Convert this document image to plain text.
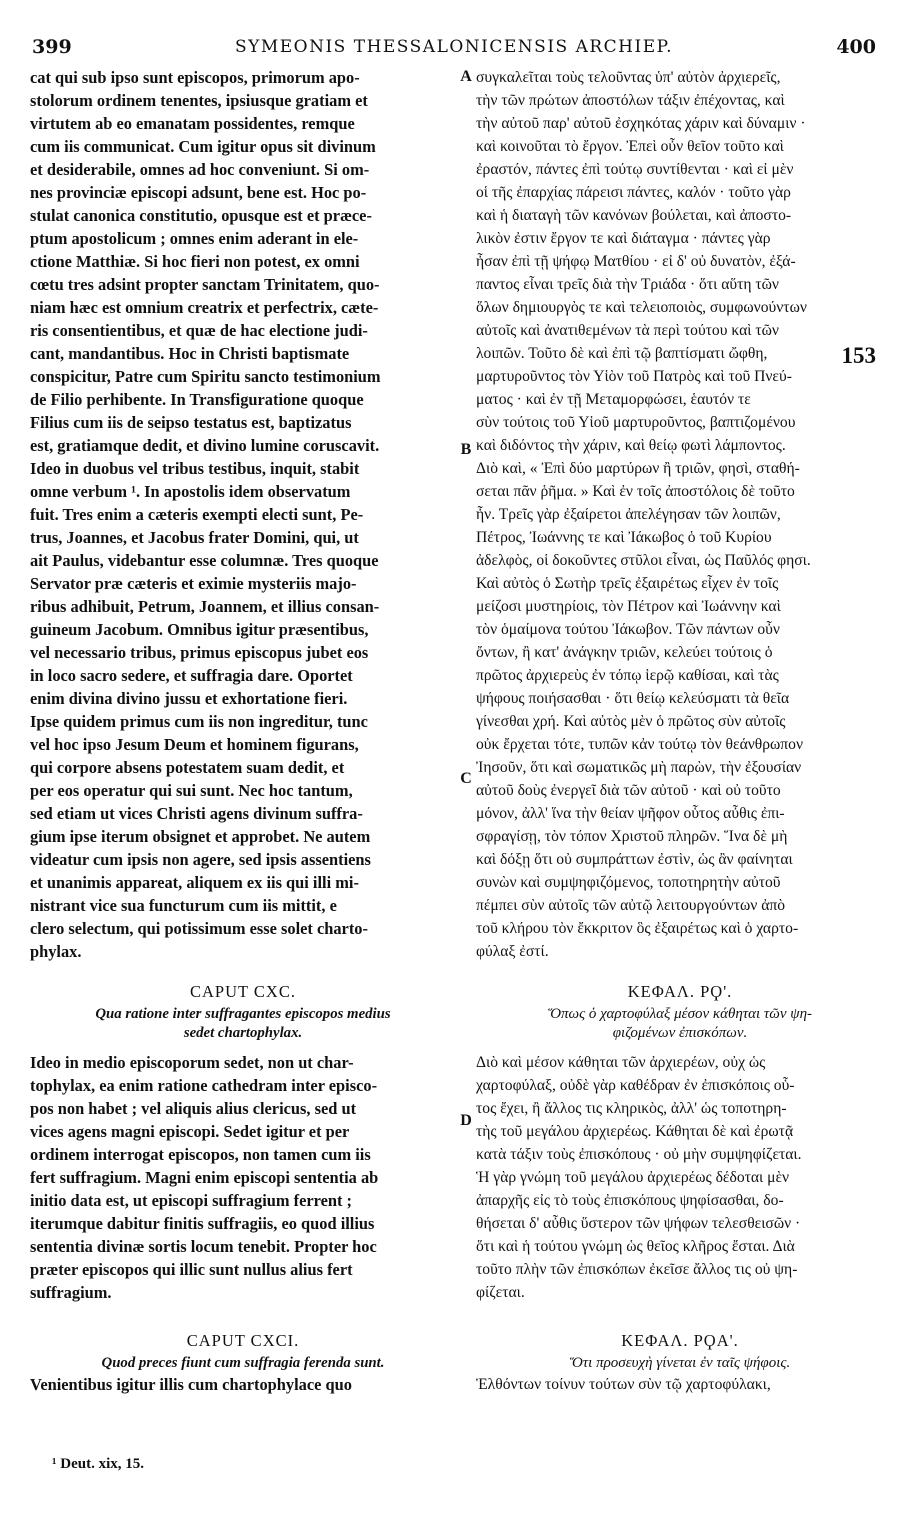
399	SYMEONIS THESSALONICENSIS ARCHIEP.	400
cat qui sub ipso sunt episcopos, primorum apo-
stolorum ordinem tenentes, ipsiusque gratiam et
virtutem ab eo emanatam possidentes, remque
cum iis communicat. Cum igitur opus sit divinum
et desiderabile, omnes ad hoc conveniunt. Si om-
nes provinciæ episcopi adsunt, bene est. Hoc po-
stulat canonica constitutio, opusque est et præce-
ptum apostolicum ; omnes enim aderant in ele-
ctione Matthiæ. Si hoc fieri non potest, ex omni
cœtu tres adsint propter sanctam Trinitatem, quo-
niam hæc est omnium creatrix et perfectrix, cæte-
ris consentientibus, et quæ de hac electione judi-
cant, mandantibus. Hoc in Christi baptismate
conspicitur, Patre cum Spiritu sancto testimonium
de Filio perhibente. In Transfiguratione quoque
Filius cum iis de seipso testatus est, baptizatus
est, gratiamque dedit, et divino lumine coruscavit.
Ideo in duobus vel tribus testibus, inquit, stabit
omne verbum ¹. In apostolis idem observatum
fuit. Tres enim a cæteris exempti electi sunt, Pe-
trus, Joannes, et Jacobus frater Domini, qui, ut
ait Paulus, videbantur esse columnæ. Tres quoque
Servator præ cæteris et eximie mysteriis majo-
ribus adhibuit, Petrum, Joannem, et illius consan-
guineum Jacobum. Omnibus igitur præsentibus,
vel necessario tribus, primus episcopus jubet eos
in loco sacro sedere, et suffragia dare. Oportet
enim divina divino jussu et exhortatione fieri.
Ipse quidem primus cum iis non ingreditur, tunc
vel hoc ipso Jesum Deum et hominem figurans,
qui corpore absens potestatem suam dedit, et
per eos operatur qui sui sunt. Nec hoc tantum,
sed etiam ut vices Christi agens divinum suffra-
gium ipse iterum obsignet et approbet. Ne autem
videatur cum ipsis non agere, sed ipsis assentiens
et unanimis appareat, aliquem ex iis qui illi mi-
nistrant vice sua functurum cum iis mittit, e
clero selectum, qui potissimum esse solet charto-
phylax.
CAPUT CXC.
Qua ratione inter suffragantes episcopos medius
sedet chartophylax.
Ideo in medio episcoporum sedet, non ut char-
tophylax, ea enim ratione cathedram inter episco-
pos non habet ; vel aliquis alius clericus, sed ut
vices agens magni episcopi. Sedet igitur et per
ordinem interrogat episcopos, non tamen cum iis
fert suffragium. Magni enim episcopi sententia ab
initio data est, ut episcopi suffragium ferrent ;
iterumque dabitur finitis suffragiis, eo quod illius
sententia divinæ sortis locum tenebit. Propter hoc
præter episcopos qui illic sunt nullus alius fert
suffragium.
CAPUT CXCI.
Quod preces fiunt cum suffragia ferenda sunt.
Venientibus igitur illis cum chartophylace quo
συγκαλεῖται τοὺς τελοῦντας ὑπ' αὐτὸν ἀρχιερεῖς,
τὴν τῶν πρώτων ἀποστόλων τάξιν ἐπέχοντας, καὶ
τὴν αὐτοῦ παρ' αὐτοῦ ἐσχηκότας χάριν καὶ δύναμιν ·
καὶ κοινοῦται τὸ ἔργον. Ἐπεὶ οὖν θεῖον τοῦτο καὶ
ἐραστόν, πάντες ἐπὶ τούτῳ συντίθενται · καὶ εἰ μὲν
οἱ τῆς ἐπαρχίας πάρεισι πάντες, καλόν · τοῦτο γὰρ
καὶ ἡ διαταγὴ τῶν κανόνων βούλεται, καὶ ἀποστο-
λικὸν ἐστιν ἔργον τε καὶ διάταγμα · πάντες γὰρ
ἦσαν ἐπὶ τῇ ψήφῳ Ματθίου · εἰ δ' οὐ δυνατὸν, ἐξά-
παντος εἶναι τρεῖς διὰ τὴν Τριάδα · ὅτι αὕτη τῶν
ὅλων δημιουργὸς τε καὶ τελειοποιὸς, συμφωνούντων
αὐτοῖς καὶ ἀνατιθεμένων τὰ περὶ τούτου καὶ τῶν
λοιπῶν. Τοῦτο δὲ καὶ ἐπὶ τῷ βαπτίσματι ὤφθη,
μαρτυροῦντος τὸν Υἱὸν τοῦ Πατρὸς καὶ τοῦ Πνεύ-
ματος · καὶ ἐν τῇ Μεταμορφώσει, ἑαυτόν τε
σὺν τούτοις τοῦ Υἱοῦ μαρτυροῦντος, βαπτιζομένου
καὶ διδόντος τὴν χάριν, καὶ θείῳ φωτὶ λάμποντος.
Διὸ καὶ, « Ἐπὶ δύο μαρτύρων ἢ τριῶν, φησὶ, σταθή-
σεται πᾶν ῥῆμα. » Καὶ ἐν τοῖς ἀποστόλοις δὲ τοῦτο
ἦν. Τρεῖς γὰρ ἐξαίρετοι ἀπελέγησαν τῶν λοιπῶν,
Πέτρος, Ἰωάννης τε καὶ Ἰάκωβος ὁ τοῦ Κυρίου
ἀδελφὸς, οἱ δοκοῦντες στῦλοι εἶναι, ὡς Παῦλός φησι.
Καὶ αὐτὸς ὁ Σωτὴρ τρεῖς ἐξαιρέτως εἶχεν ἐν τοῖς
μείζοσι μυστηρίοις, τὸν Πέτρον καὶ Ἰωάννην καὶ
τὸν ὁμαίμονα τούτου Ἰάκωβον. Τῶν πάντων οὖν
ὄντων, ἢ κατ' ἀνάγκην τριῶν, κελεύει τούτοις ὁ
πρῶτος ἀρχιερεὺς ἐν τόπῳ ἱερῷ καθίσαι, καὶ τὰς
ψήφους ποιήσασθαι · ὅτι θείῳ κελεύσματι τὰ θεῖα
γίνεσθαι χρή. Καὶ αὐτὸς μὲν ὁ πρῶτος σὺν αὐτοῖς
οὐκ ἔρχεται τότε, τυπῶν κἀν τούτῳ τὸν θεάνθρωπον
Ἰησοῦν, ὅτι καὶ σωματικῶς μὴ παρὼν, τὴν ἐξουσίαν
αὐτοῦ δοὺς ἐνεργεῖ διὰ τῶν αὐτοῦ · καὶ οὐ τοῦτο
μόνον, ἀλλ' ἵνα τὴν θείαν ψῆφον οὗτος αὖθις ἐπι-
σφραγίσῃ, τὸν τόπον Χριστοῦ πληρῶν. Ἵνα δὲ μὴ
καὶ δόξῃ ὅτι οὐ συμπράττων ἐστὶν, ὡς ἂν φαίνηται
συνὼν καὶ συμψηφιζόμενος, τοποτηρητὴν αὐτοῦ
πέμπει σὺν αὐτοῖς τῶν αὐτῷ λειτουργούντων ἀπὸ
τοῦ κλήρου τὸν ἔκκριτον ὃς ἐξαιρέτως καὶ ὁ χαρτο-
φύλαξ ἐστί.
ΚΕΦΑΛ. ΡϘ'.
Ὅπως ὁ χαρτοφύλαξ μέσον κάθηται τῶν ψη-
φιζομένων ἐπισκόπων.
Διὸ καὶ μέσον κάθηται τῶν ἀρχιερέων, οὐχ ὡς
χαρτοφύλαξ, οὐδὲ γὰρ καθέδραν ἐν ἐπισκόποις οὗ-
τος ἔχει, ἢ ἄλλος τις κληρικὸς, ἀλλ' ὡς τοποτηρη-
τὴς τοῦ μεγάλου ἀρχιερέως. Κάθηται δὲ καὶ ἐρωτᾷ
κατὰ τάξιν τοὺς ἐπισκόπους · οὐ μὴν συμψηφίζεται.
Ἡ γὰρ γνώμη τοῦ μεγάλου ἀρχιερέως δέδοται μὲν
ἀπαρχῆς εἰς τὸ τοὺς ἐπισκόπους ψηφίσασθαι, δο-
θήσεται δ' αὖθις ὕστερον τῶν ψήφων τελεσθεισῶν ·
ὅτι καὶ ἡ τούτου γνώμη ὡς θεῖος κλῆρος ἔσται. Διὰ
τοῦτο πλὴν τῶν ἐπισκόπων ἐκεῖσε ἄλλος τις οὐ ψη-
φίζεται.
ΚΕΦΑΛ. ΡϘΑ'.
Ὅτι προσευχὴ γίνεται ἐν ταῖς ψήφοις.
Ἐλθόντων τοίνυν τούτων σὺν τῷ χαρτοφύλακι,
A
B
C
D
153
¹ Deut. xix, 15.
